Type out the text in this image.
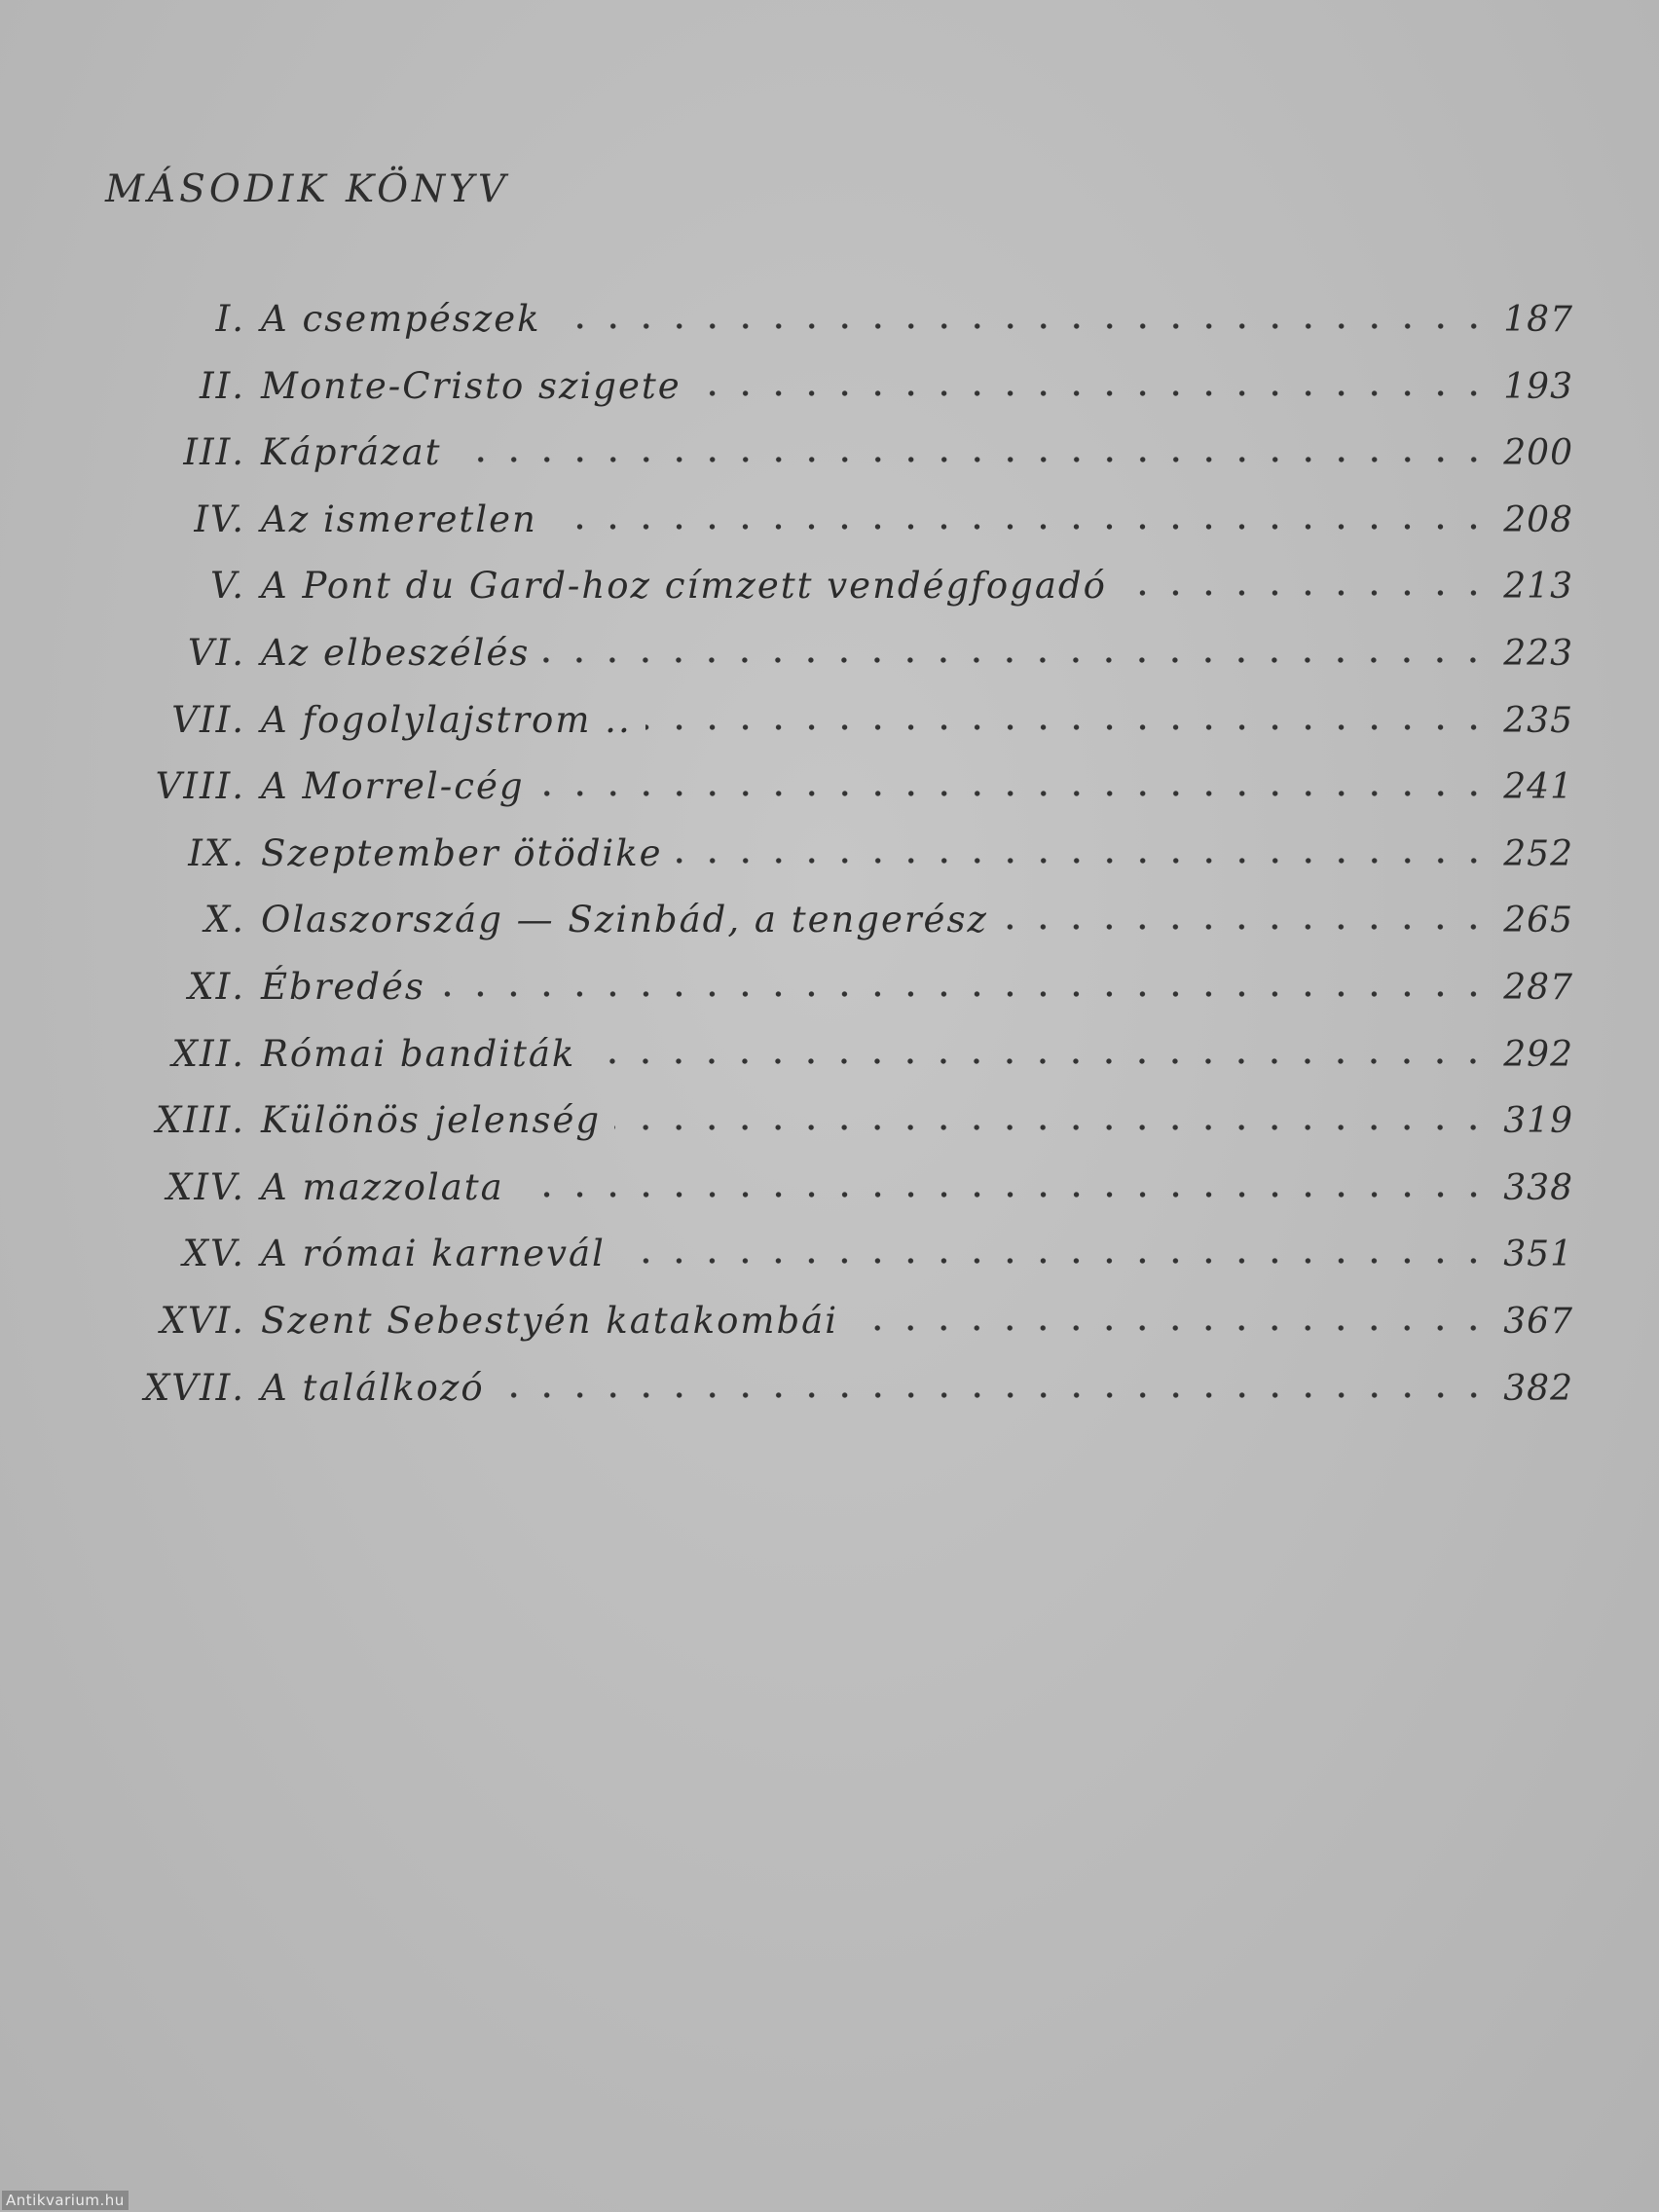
MÁSODIK KÖNYV
I. A csempészek	187
II. Monte-Cristo szigete	193
III. Káprázat	200
IV. Az ismeretlen	208
V. A Pont du Gard-hoz címzett vendégfogadó	213
VI. Az elbeszélés	223
VII. A fogolylajstrom ..	235
VIII. A Morrel-cég	241
IX. Szeptember ötödike	252
X. Olaszország — Szinbád, a tengerész	265
XI. Ébredés	287
XII. Római banditák	292
XIII. Különös jelenség	319
XIV. A mazzolata	338
XV. A római karnevál	351
XVI. Szent Sebestyén katakombái	367
XVII. A találkozó	382
Antikvarium.hu
